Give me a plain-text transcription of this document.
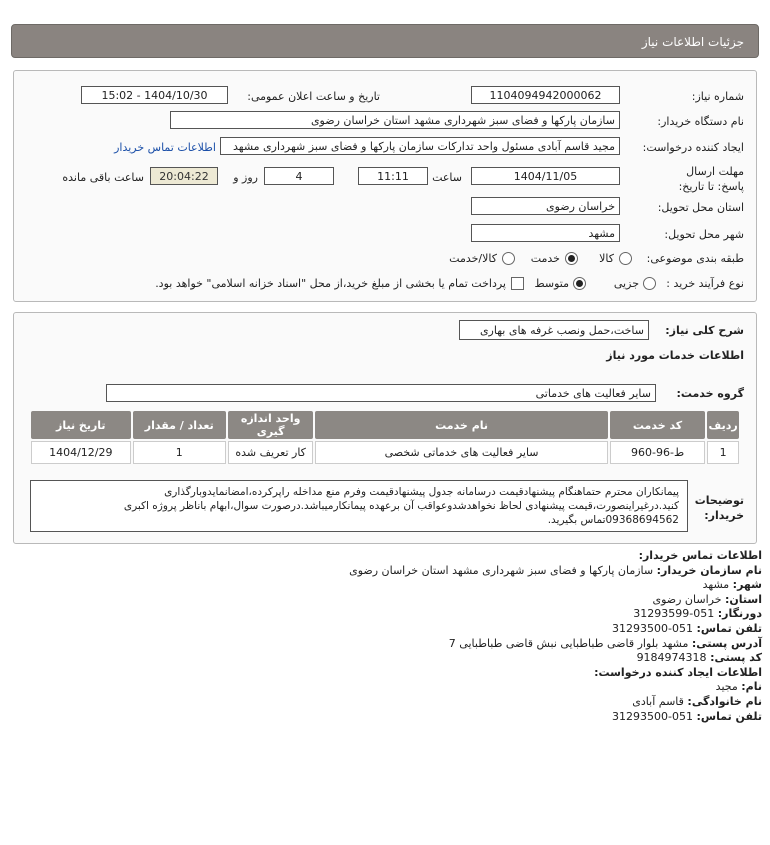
جزئیات اطلاعات نیاز
شماره نیاز:
1104094942000062
تاریخ و ساعت اعلان عمومی:
1404/10/30 - 15:02
نام دستگاه خریدار:
سازمان پارکها و فضای سبز شهرداری مشهد استان خراسان رضوی
ایجاد کننده درخواست:
مجید قاسم آبادی مسئول واحد تدارکات سازمان پارکها و فضای سبز شهرداری مشهد
اطلاعات تماس خریدار
مهلت ارسال پاسخ: تا تاریخ:
1404/11/05
ساعت
11:11
4
روز و
20:04:22
ساعت باقی مانده
استان محل تحویل:
خراسان رضوی
شهر محل تحویل:
مشهد
طبقه بندی موضوعی:
کالا
خدمت
کالا/خدمت
نوع فرآیند خرید :
جزیی
متوسط
پرداخت تمام یا بخشی از مبلغ خرید،از محل "اسناد خزانه اسلامی" خواهد بود.
شرح کلی نیاز:
ساخت،حمل ونصب غرفه های بهاری
اطلاعات خدمات مورد نیاز
گروه خدمت:
سایر فعالیت های خدماتی
ردیف	کد خدمت	نام خدمت	واحد اندازه گیری	تعداد / مقدار	تاریخ نیاز
1	ط-96-960	سایر فعالیت های خدماتی شخصی	کار تعریف شده	1	1404/12/29
توضیحات خریدار:
پیمانکاران محترم حتماهنگام پیشنهادقیمت درسامانه جدول پیشنهادقیمت وفرم منع مداخله راپرکرده،امضانمایدوبارگذاری
کنید.درغیراینصورت،قیمت پیشنهادی لحاظ نخواهدشدوعواقب آن برعهده پیمانکارمیباشد.درصورت سوال،ابهام باناظر پروژه اکبری
09368694562تماس بگیرید.
اطلاعات تماس خریدار:
نام سازمان خریدار: سازمان پارکها و فضای سبز شهرداری مشهد استان خراسان رضوی
شهر: مشهد
استان: خراسان رضوی
دورنگار: 051-31293599
تلفن تماس: 051-31293500
آدرس پستی: مشهد بلوار قاضی طباطبایی نبش قاضی طباطبایی 7
کد پستی: 9184974318
اطلاعات ایجاد کننده درخواست:
نام: مجید
نام خانوادگی: قاسم آبادی
تلفن تماس: 051-31293500
